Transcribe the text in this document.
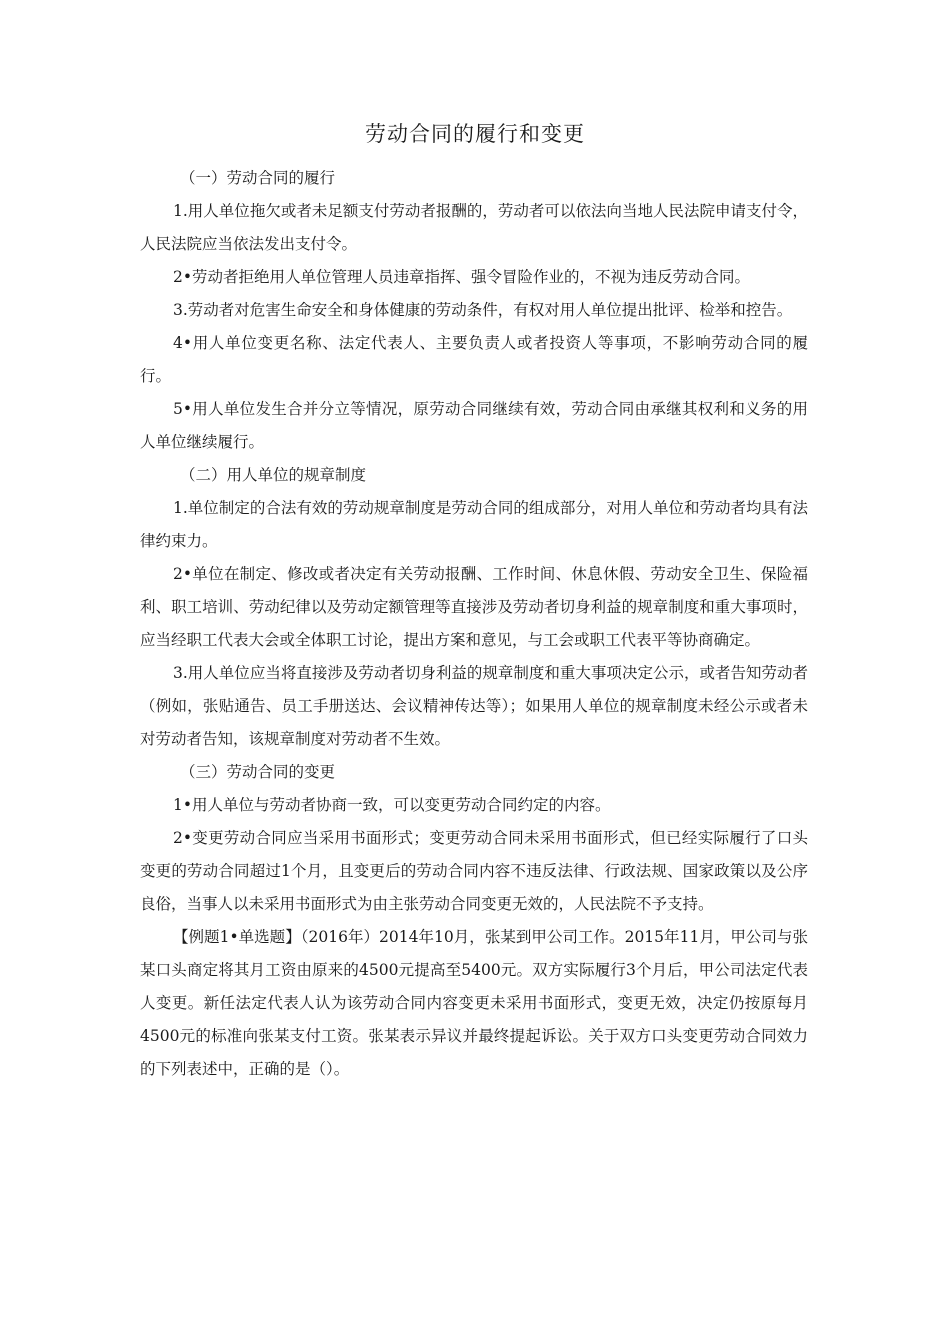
劳动合同的履行和变更

（一）劳动合同的履行

1.用人单位拖欠或者未足额支付劳动者报酬的，劳动者可以依法向当地人民法院申请支付令，人民法院应当依法发出支付令。

2•劳动者拒绝用人单位管理人员违章指挥、强令冒险作业的，不视为违反劳动合同。

3.劳动者对危害生命安全和身体健康的劳动条件，有权对用人单位提出批评、检举和控告。

4•用人单位变更名称、法定代表人、主要负责人或者投资人等事项，不影响劳动合同的履行。

5•用人单位发生合并分立等情况，原劳动合同继续有效，劳动合同由承继其权利和义务的用人单位继续履行。

（二）用人单位的规章制度

1.单位制定的合法有效的劳动规章制度是劳动合同的组成部分，对用人单位和劳动者均具有法律约束力。

2•单位在制定、修改或者决定有关劳动报酬、工作时间、休息休假、劳动安全卫生、保险福利、职工培训、劳动纪律以及劳动定额管理等直接涉及劳动者切身利益的规章制度和重大事项时，应当经职工代表大会或全体职工讨论，提出方案和意见，与工会或职工代表平等协商确定。

3.用人单位应当将直接涉及劳动者切身利益的规章制度和重大事项决定公示，或者告知劳动者（例如，张贴通告、员工手册送达、会议精神传达等）；如果用人单位的规章制度未经公示或者未对劳动者告知，该规章制度对劳动者不生效。

（三）劳动合同的变更

1•用人单位与劳动者协商一致，可以变更劳动合同约定的内容。

2•变更劳动合同应当采用书面形式；变更劳动合同未采用书面形式，但已经实际履行了口头变更的劳动合同超过1个月，且变更后的劳动合同内容不违反法律、行政法规、国家政策以及公序良俗，当事人以未采用书面形式为由主张劳动合同变更无效的，人民法院不予支持。

【例题1•单选题】（2016年）2014年10月，张某到甲公司工作。2015年11月，甲公司与张某口头商定将其月工资由原来的4500元提高至5400元。双方实际履行3个月后，甲公司法定代表人变更。新任法定代表人认为该劳动合同内容变更未采用书面形式，变更无效，决定仍按原每月4500元的标准向张某支付工资。张某表示异议并最终提起诉讼。关于双方口头变更劳动合同效力的下列表述中，正确的是（）。
